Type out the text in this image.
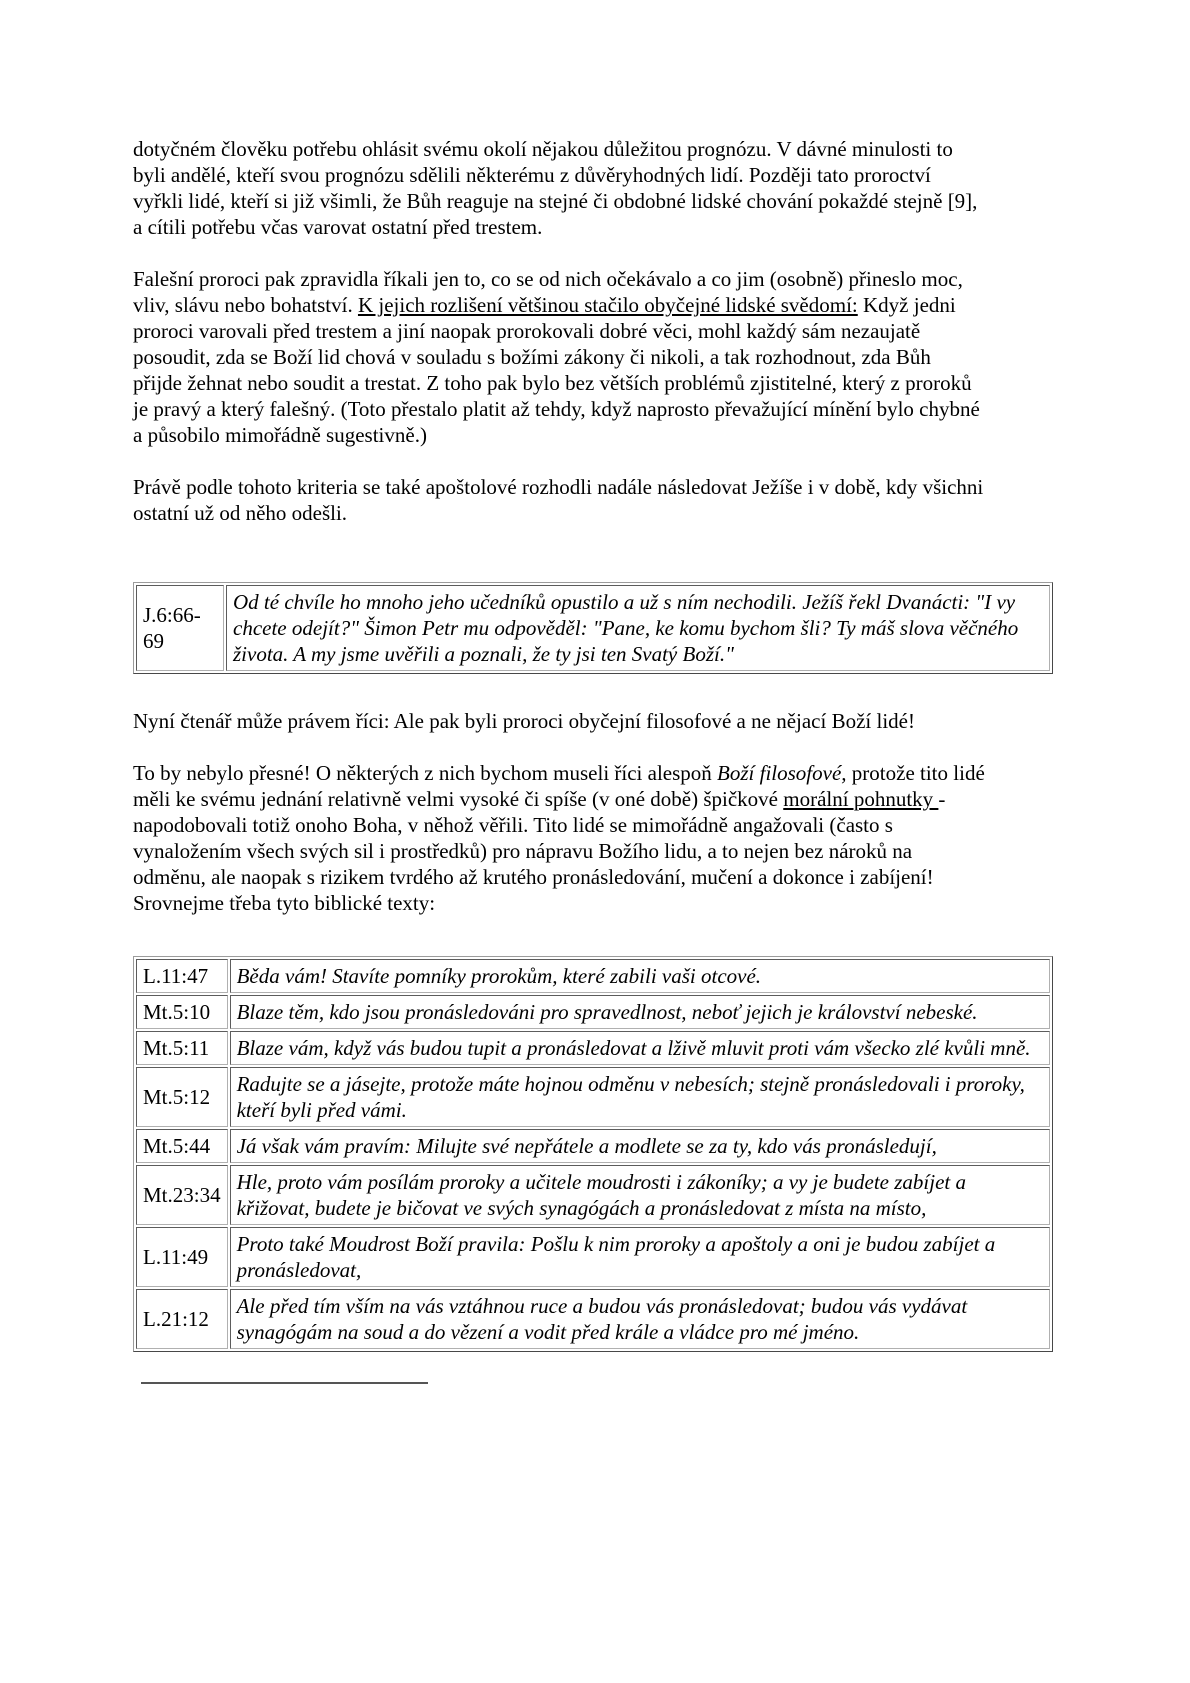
dotyčném člověku potřebu ohlásit svému okolí nějakou důležitou prognózu. V dávné minulosti to byli andělé, kteří svou prognózu sdělili některému z důvěryhodných lidí. Později tato proroctví vyřkli lidé, kteří si již všimli, že Bůh reaguje na stejné či obdobné lidské chování pokaždé stejně [9], a cítili potřebu včas varovat ostatní před trestem.

Falešní proroci pak zpravidla říkali jen to, co se od nich očekávalo a co jim (osobně) přineslo moc, vliv, slávu nebo bohatství. K jejich rozlišení většinou stačilo obyčejné lidské svědomí: Když jedni proroci varovali před trestem a jiní naopak prorokovali dobré věci, mohl každý sám nezaujatě posoudit, zda se Boží lid chová v souladu s božími zákony či nikoli, a tak rozhodnout, zda Bůh přijde žehnat nebo soudit a trestat. Z toho pak bylo bez větších problémů zjistitelné, který z proroků je pravý a který falešný. (Toto přestalo platit až tehdy, když naprosto převažující mínění bylo chybné a působilo mimořádně sugestivně.)

Právě podle tohoto kriteria se také apoštolové rozhodli nadále následovat Ježíše i v době, kdy všichni ostatní už od něho odešli.

J.6:66-69	Od té chvíle ho mnoho jeho učedníků opustilo a už s ním nechodili. Ježíš řekl Dvanácti: "I vy chcete odejít?" Šimon Petr mu odpověděl: "Pane, ke komu bychom šli? Ty máš slova věčného života. A my jsme uvěřili a poznali, že ty jsi ten Svatý Boží."

Nyní čtenář může právem říci: Ale pak byli proroci obyčejní filosofové a ne nějací Boží lidé!

To by nebylo přesné! O některých z nich bychom museli říci alespoň Boží filosofové, protože tito lidé měli ke svému jednání relativně velmi vysoké či spíše (v oné době) špičkové morální pohnutky - napodobovali totiž onoho Boha, v něhož věřili. Tito lidé se mimořádně angažovali (často s vynaložením všech svých sil i prostředků) pro nápravu Božího lidu, a to nejen bez nároků na odměnu, ale naopak s rizikem tvrdého až krutého pronásledování, mučení a dokonce i zabíjení! Srovnejme třeba tyto biblické texty:

L.11:47	Běda vám! Stavíte pomníky prorokům, které zabili vaši otcové.
Mt.5:10	Blaze těm, kdo jsou pronásledováni pro spravedlnost, neboť jejich je království nebeské.
Mt.5:11	Blaze vám, když vás budou tupit a pronásledovat a lživě mluvit proti vám všecko zlé kvůli mně.
Mt.5:12	Radujte se a jásejte, protože máte hojnou odměnu v nebesích; stejně pronásledovali i proroky, kteří byli před vámi.
Mt.5:44	Já však vám pravím: Milujte své nepřátele a modlete se za ty, kdo vás pronásledují,
Mt.23:34	Hle, proto vám posílám proroky a učitele moudrosti i zákoníky; a vy je budete zabíjet a křižovat, budete je bičovat ve svých synagógách a pronásledovat z místa na místo,
L.11:49	Proto také Moudrost Boží pravila: Pošlu k nim proroky a apoštoly a oni je budou zabíjet a pronásledovat,
L.21:12	Ale před tím vším na vás vztáhnou ruce a budou vás pronásledovat; budou vás vydávat synagógám na soud a do vězení a vodit před krále a vládce pro mé jméno.
